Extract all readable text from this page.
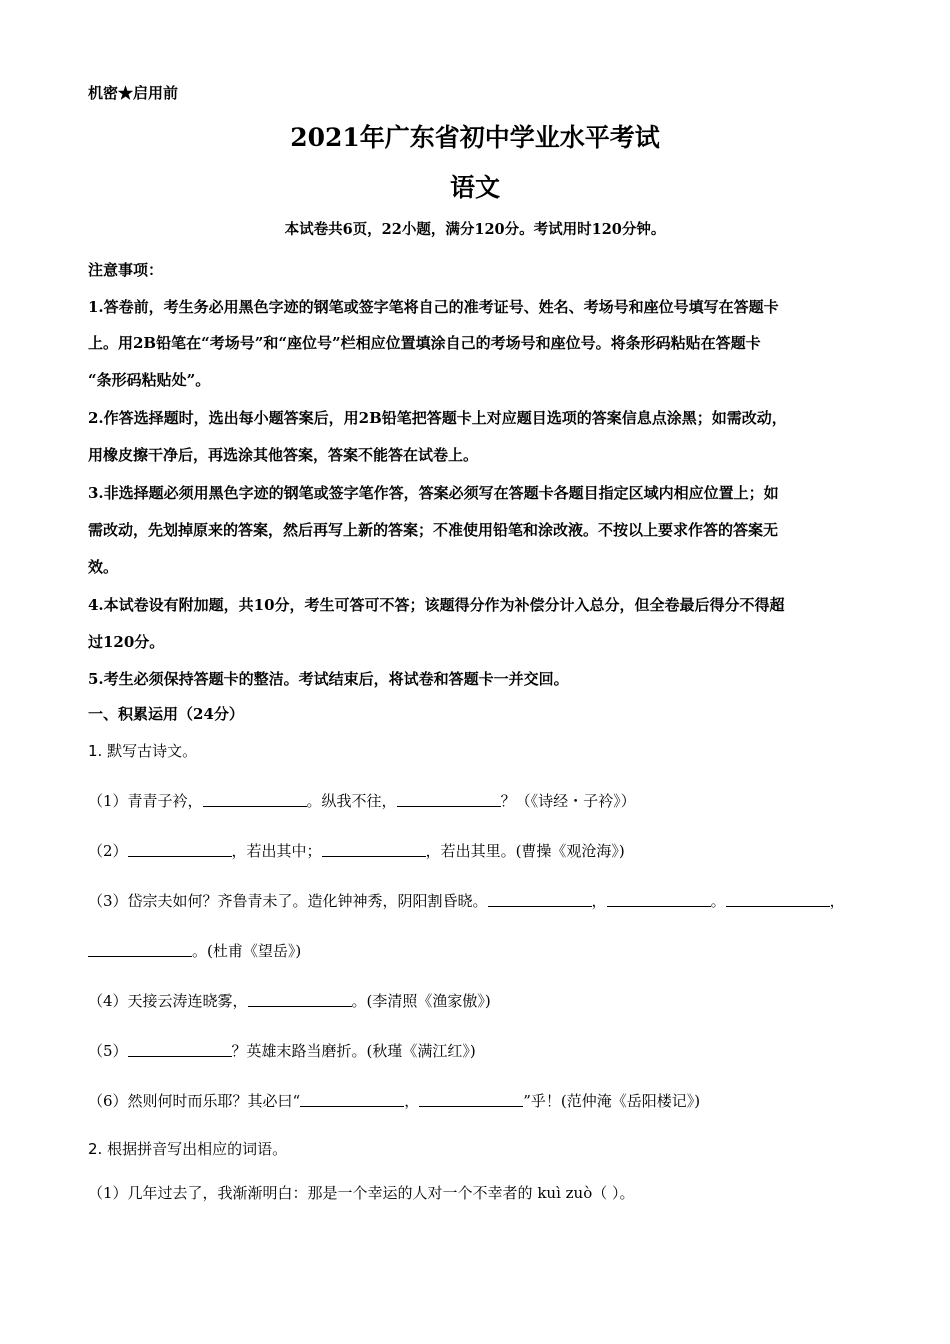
机密★启用前
2021年广东省初中学业水平考试
语文
本试卷共6页，22小题，满分120分。考试用时120分钟。
注意事项：
1.答卷前，考生务必用黑色字迹的钢笔或签字笔将自己的准考证号、姓名、考场号和座位号填写在答题卡
上。用2B铅笔在“考场号”和“座位号”栏相应位置填涂自己的考场号和座位号。将条形码粘贴在答题卡
“条形码粘贴处”。
2.作答选择题时，选出每小题答案后，用2B铅笔把答题卡上对应题目选项的答案信息点涂黑；如需改动，
用橡皮擦干净后，再选涂其他答案，答案不能答在试卷上。
3.非选择题必须用黑色字迹的钢笔或签字笔作答，答案必须写在答题卡各题目指定区域内相应位置上；如
需改动，先划掉原来的答案，然后再写上新的答案；不准使用铅笔和涂改液。不按以上要求作答的答案无
效。
4.本试卷设有附加题，共10分，考生可答可不答；该题得分作为补偿分计入总分，但全卷最后得分不得超
过120分。
5.考生必须保持答题卡的整洁。考试结束后，将试卷和答题卡一并交回。
一、积累运用（24分）
1. 默写古诗文。
（1）青青子衿，	。纵我不往，	？（《诗经・子衿》）
（2）	，若出其中；	，若出其里。(曹操《观沧海》)
（3）岱宗夫如何？齐鲁青未了。造化钟神秀，阴阳割昏晓。	，	。	，
。(杜甫《望岳》)
（4）天接云涛连晓雾，	。(李清照《渔家傲》)
（5）	？英雄末路当磨折。(秋瑾《满江红》)
（6）然则何时而乐耶？其必曰“	，	”乎！(范仲淹《岳阳楼记》)
2. 根据拼音写出相应的词语。
（1）几年过去了，我渐渐明白：那是一个幸运的人对一个不幸者的 kuì zuò（ ）。
